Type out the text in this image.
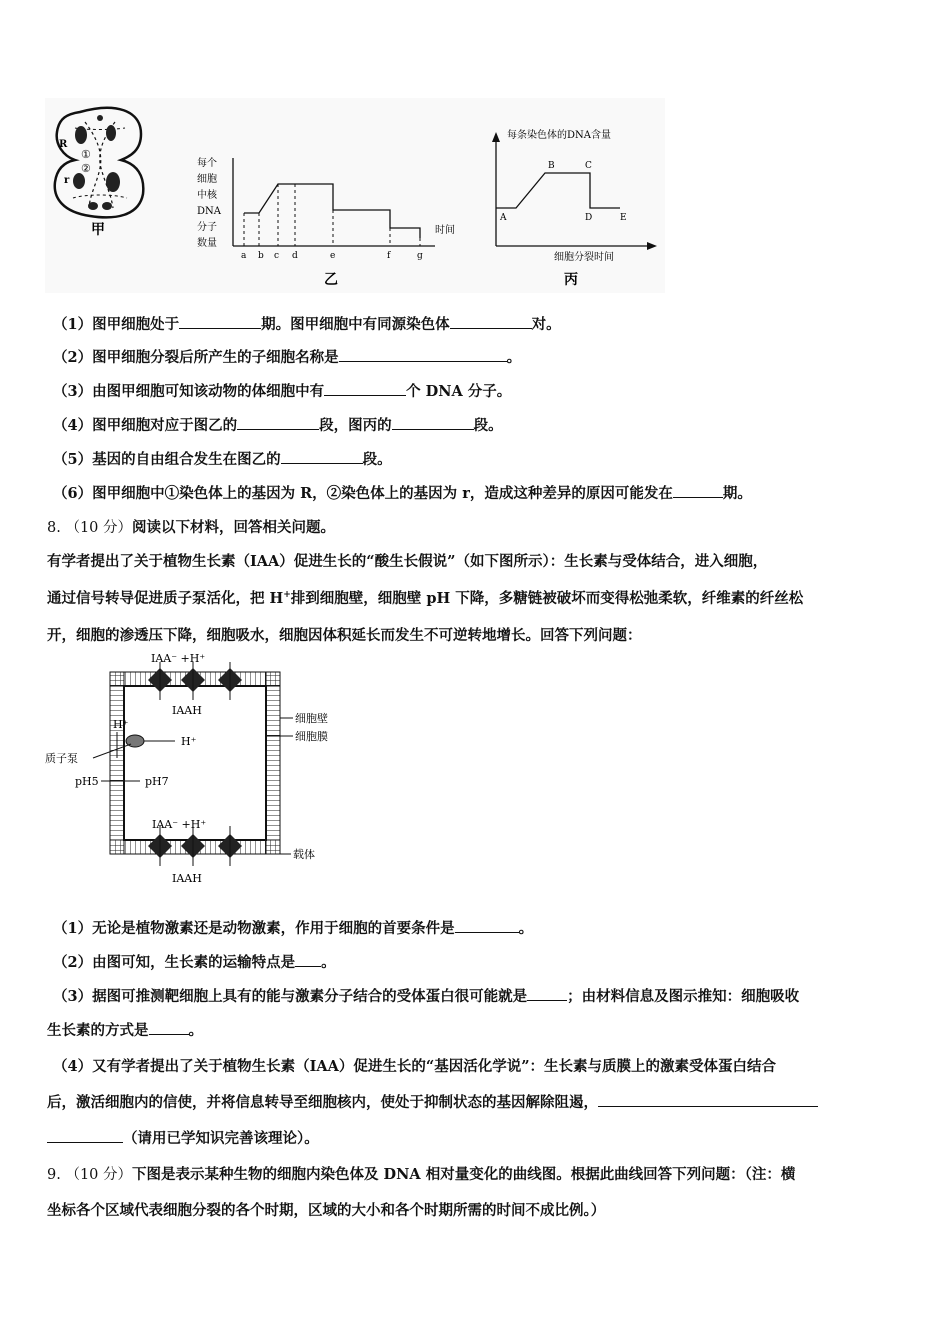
R
r
①
②
甲
每个
细胞
中核
DNA
分子
数量
a b c d	e	f	g
时间
乙
每条染色体的DNA含量
A
B	C
D	E
细胞分裂时间
丙
（1）图甲细胞处于	期。图甲细胞中有同源染色体	对。
（2）图甲细胞分裂后所产生的子细胞名称是	。
（3）由图甲细胞可知该动物的体细胞中有	个 DNA 分子。
（4）图甲细胞对应于图乙的	段，图丙的	段。
（5）基因的自由组合发生在图乙的	段。
（6）图甲细胞中①染色体上的基因为 R，②染色体上的基因为 r，造成这种差异的原因可能发在	期。
8. （10 分）阅读以下材料，回答相关问题。
有学者提出了关于植物生长素（IAA）促进生长的“酸生长假说”（如下图所示）：生长素与受体结合，进入细胞，
通过信号转导促进质子泵活化，把 H+排到细胞壁，细胞壁 pH 下降，多糖链被破坏而变得松弛柔软，纤维素的纤丝松
开，细胞的渗透压下降，细胞吸水，细胞因体积延长而发生不可逆转地增长。回答下列问题：
IAA⁻ +H⁺
IAAH
IAA⁻ +H⁺
IAAH
H⁺
H⁺
质子泵
pH5	pH7
细胞壁
细胞膜
载体
（1）无论是植物激素还是动物激素，作用于细胞的首要条件是	。
（2）由图可知，生长素的运输特点是 。
（3）据图可推测靶细胞上具有的能与激素分子结合的受体蛋白很可能就是	；由材料信息及图示推知：细胞吸收
生长素的方式是	。
（4）又有学者提出了关于植物生长素（IAA）促进生长的“基因活化学说”：生长素与质膜上的激素受体蛋白结合
后，激活细胞内的信使，并将信息转导至细胞核内，使处于抑制状态的基因解除阻遏，
（请用已学知识完善该理论）。
9. （10 分）下图是表示某种生物的细胞内染色体及 DNA 相对量变化的曲线图。根据此曲线回答下列问题：（注：横
坐标各个区域代表细胞分裂的各个时期，区域的大小和各个时期所需的时间不成比例。）
